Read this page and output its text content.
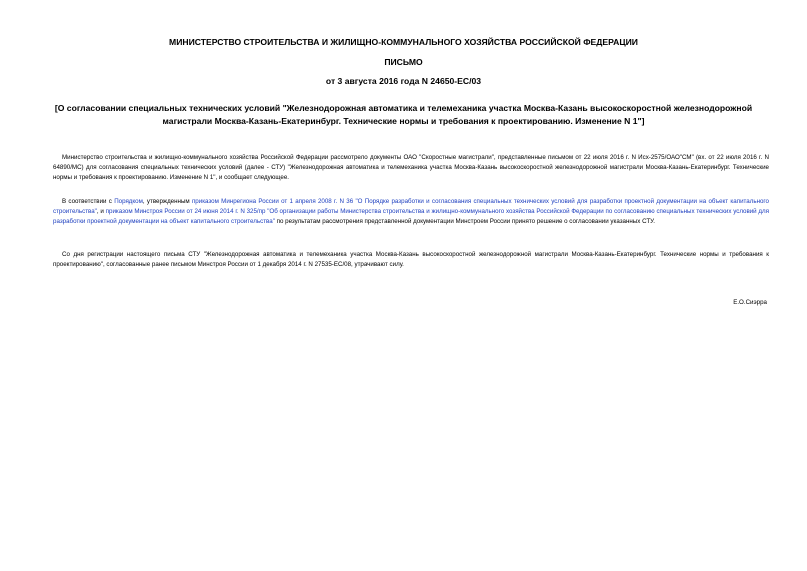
МИНИСТЕРСТВО СТРОИТЕЛЬСТВА И ЖИЛИЩНО-КОММУНАЛЬНОГО ХОЗЯЙСТВА РОССИЙСКОЙ ФЕДЕРАЦИИ
ПИСЬМО
от 3 августа 2016 года N 24650-ЕС/03
[О согласовании специальных технических условий "Железнодорожная автоматика и телемеханика участка Москва-Казань высокоскоростной железнодорожной магистрали Москва-Казань-Екатеринбург. Технические нормы и требования к проектированию. Изменение N 1"]
Министерство строительства и жилищно-коммунального хозяйства Российской Федерации рассмотрело документы ОАО "Скоростные магистрали", представленные письмом от 22 июля 2016 г. N Исх-2575/ОАО"СМ" (вх. от 22 июля 2016 г. N 64890/МС) для согласования специальных технических условий (далее - СТУ) "Железнодорожная автоматика и телемеханика участка Москва-Казань высокоскоростной железнодорожной магистрали Москва-Казань-Екатеринбург. Технические нормы и требования к проектированию. Изменение N 1", и сообщает следующее.
В соответствии с Порядком, утвержденным приказом Минрегиона России от 1 апреля 2008 г. N 36 "О Порядке разработки и согласования специальных технических условий для разработки проектной документации на объект капитального строительства", и приказом Минстроя России от 24 июня 2014 г. N 325/пр "Об организации работы Министерства строительства и жилищно-коммунального хозяйства Российской Федерации по согласованию специальных технических условий для разработки проектной документации на объект капитального строительства" по результатам рассмотрения представленной документации Минстроем России принято решение о согласовании указанных СТУ.
Со дня регистрации настоящего письма СТУ "Железнодорожная автоматика и телемеханика участка Москва-Казань высокоскоростной железнодорожной магистрали Москва-Казань-Екатеринбург. Технические нормы и требования к проектированию", согласованные ранее письмом Минстроя России от 1 декабря 2014 г. N 27535-ЕС/08, утрачивают силу.
Е.О.Сиэрра
